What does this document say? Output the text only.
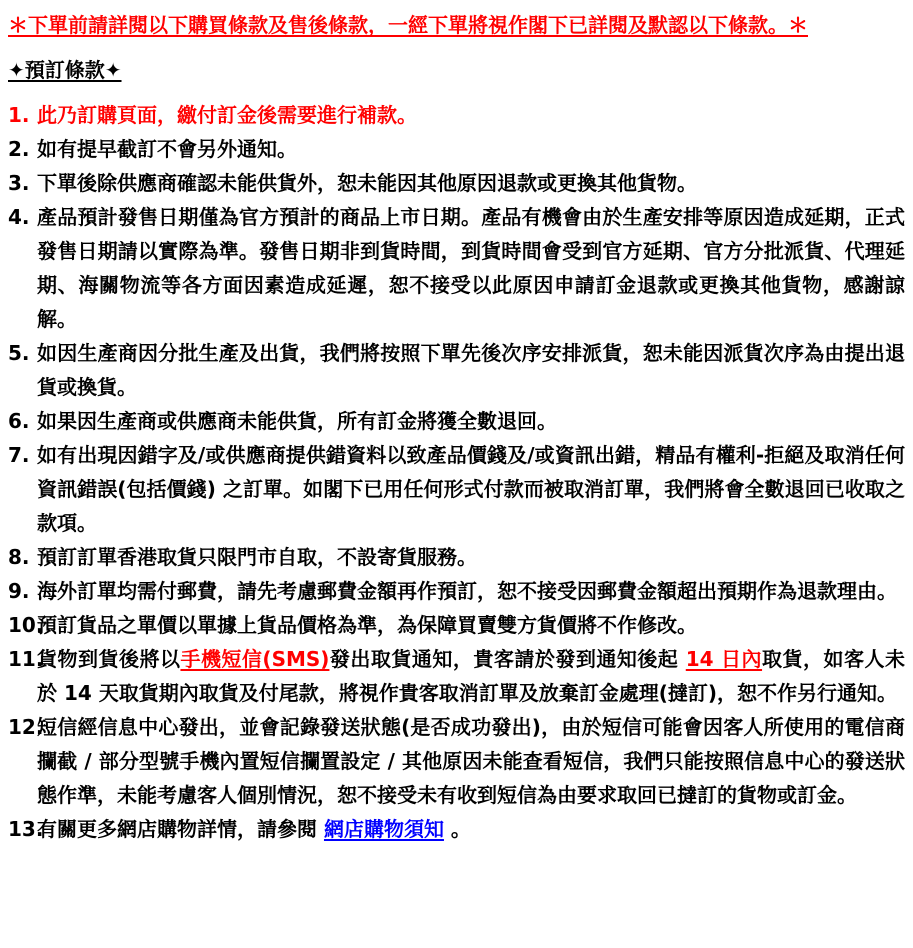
＊下單前請詳閱以下購買條款及售後條款，一經下單將視作閣下已詳閱及默認以下條款。＊

✦預訂條款✦
1. 此乃訂購頁面，繳付訂金後需要進行補款。
2. 如有提早截訂不會另外通知。
3. 下單後除供應商確認未能供貨外，恕未能因其他原因退款或更換其他貨物。
4. 產品預計發售日期僅為官方預計的商品上市日期。產品有機會由於生產安排等原因造成延期，正式發售日期請以實際為準。發售日期非到貨時間，到貨時間會受到官方延期、官方分批派貨、代理延期、海關物流等各方面因素造成延遲，恕不接受以此原因申請訂金退款或更換其他貨物，感謝諒解。
5. 如因生產商因分批生產及出貨，我們將按照下單先後次序安排派貨，恕未能因派貨次序為由提出退貨或換貨。
6. 如果因生產商或供應商未能供貨，所有訂金將獲全數退回。
7. 如有出現因錯字及/或供應商提供錯資料以致產品價錢及/或資訊出錯，精品有權利-拒絕及取消任何資訊錯誤(包括價錢) 之訂單。如閣下已用任何形式付款而被取消訂單，我們將會全數退回已收取之款項。
8. 預訂訂單香港取貨只限門市自取，不設寄貨服務。
9. 海外訂單均需付郵費，請先考慮郵費金額再作預訂，恕不接受因郵費金額超出預期作為退款理由。
10.
預訂貨品之單價以單據上貨品價格為準，為保障買賣雙方貨價將不作修改。
11.
貨物到貨後將以手機短信(SMS)發出取貨通知，貴客請於發到通知後起 14 日內取貨，如客人未於 14 天取貨期內取貨及付尾款，將視作貴客取消訂單及放棄訂金處理(撻訂)，恕不作另行通知。
12.
短信經信息中心發出，並會記錄發送狀態(是否成功發出)，由於短信可能會因客人所使用的電信商攔截 / 部分型號手機內置短信攔置設定 / 其他原因未能查看短信，我們只能按照信息中心的發送狀態作準，未能考慮客人個別情況，恕不接受未有收到短信為由要求取回已撻訂的貨物或訂金。
13.
有關更多網店購物詳情，請參閱 網店購物須知 。
